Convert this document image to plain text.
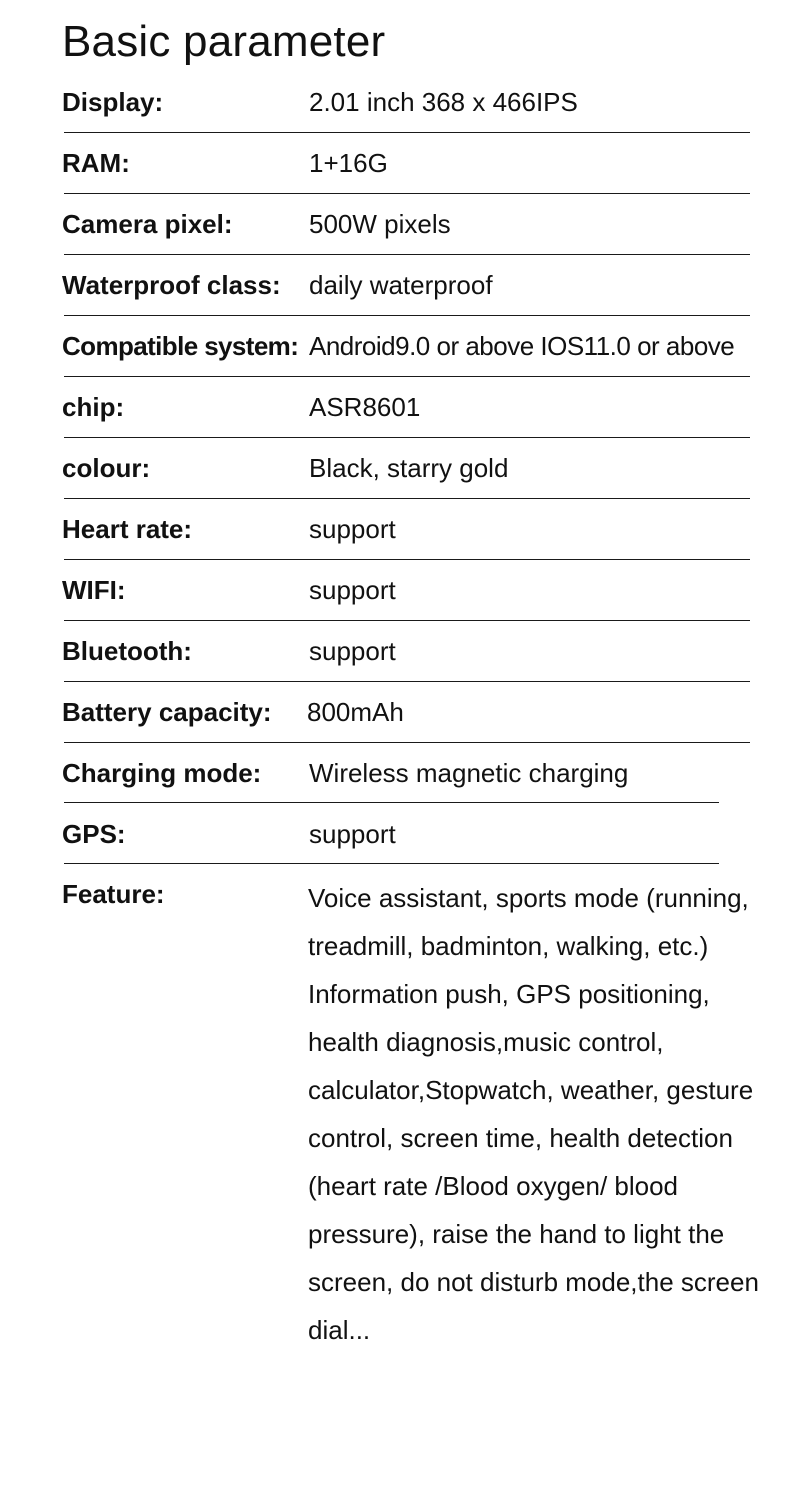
Basic parameter
Display:	2.01 inch 368 x 466IPS
RAM:	1+16G
Camera pixel:	500W pixels
Waterproof class: daily waterproof
Compatible system: Android9.0 or above IOS11.0 or above
chip:	ASR8601
colour:	Black, starry gold
Heart rate:	support
WIFI:	support
Bluetooth:	support
Battery capacity: 800mAh
Charging mode: Wireless magnetic charging
GPS:	support
Feature:	Voice assistant, sports mode (running, treadmill, badminton, walking, etc.) Information push, GPS positioning, health diagnosis,music control, calculator,Stopwatch, weather, gesture control, screen time, health detection (heart rate /Blood oxygen/ blood pressure), raise the hand to light the screen, do not disturb mode,the screen dial...
